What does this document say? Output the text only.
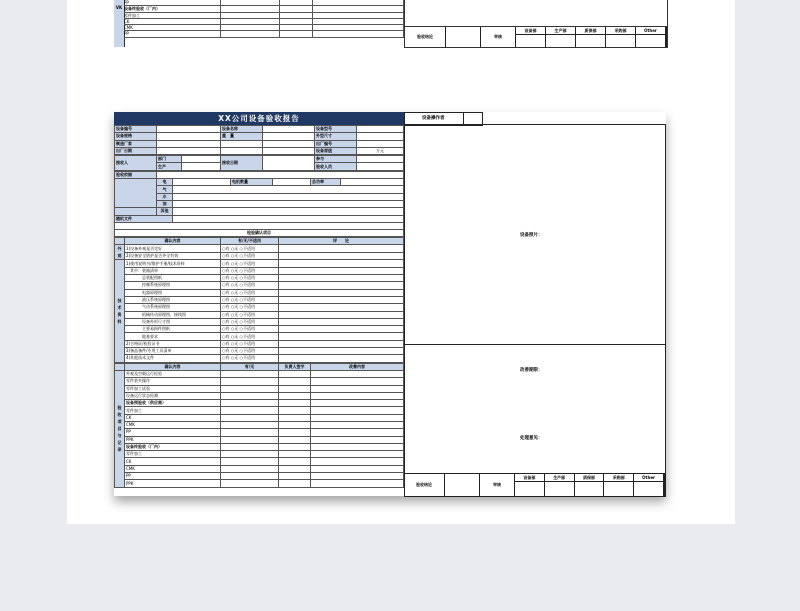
VK
PP
设备终验收（厂内）
零件加工
CK
CMK
PP
验收结论	审核
设备部	生产部	质保部	采购部	Other
XX公司设备验收报告
设备编号		设备名称		设备型号	
设备规格		重　量		外型尺寸	
制造厂家				出厂编号	
出厂日期				设备原值	万元
接收人	部门		接收日期		参与	
	生产				验收人员	
验收依据						
	电		电机数量		总功率	
	气					
	水					
	油					
	其他					
随机文件						

检验确认项目						
	确认内容	有/无/不适用	评　　论
外观	1)设备外观是否完好	○有 ○无 ○不适用	
	2)设备安全防护是否齐全有效	○有 ○无 ○不适用	
技术资料	1)使用说明书/维护手册/技术资料	○有 ○无 ○不适用	
	　其中：装箱清单	○有 ○无 ○不适用	
	　　　　总装配图纸	○有 ○无 ○不适用	
	　　　　控制系统原理图	○有 ○无 ○不适用	
	　　　　电器原理图	○有 ○无 ○不适用	
	　　　　液压系统原理图	○有 ○无 ○不适用	
	　　　　气动系统原理图	○有 ○无 ○不适用	
	　　　　机械传动原理图、接线图	○有 ○无 ○不适用	
	　　　　设备外形尺寸图	○有 ○无 ○不适用	
	　　　　主要易损件图纸	○有 ○无 ○不适用	
	　　　　地基要求	○有 ○无 ○不适用	
	2)合格证/检验证书	○有 ○无 ○不适用	
	3)备品备件/专用工具清单	○有 ○无 ○不适用	
	4)其他技术文件	○有 ○无 ○不适用	
	确认内容	有/无	负责人签字	改善内容
验收项目与记录	外观及空载运行检验			
	零件装夹操作			
	零件加工试验			
	设备运行状态检测			
	设备预验收（供应商）			
	零件加工			
	CK			
	CMK			
	PP			
	PPK			
	设备终验收（厂内）			
	零件加工			
	CK			
	CMK			
	PP			
	PPK			
设备操作者
设备照片：
改善期限：
处理意见：
验收结论	审核
设备部	生产部	质保部	采购部	Other
